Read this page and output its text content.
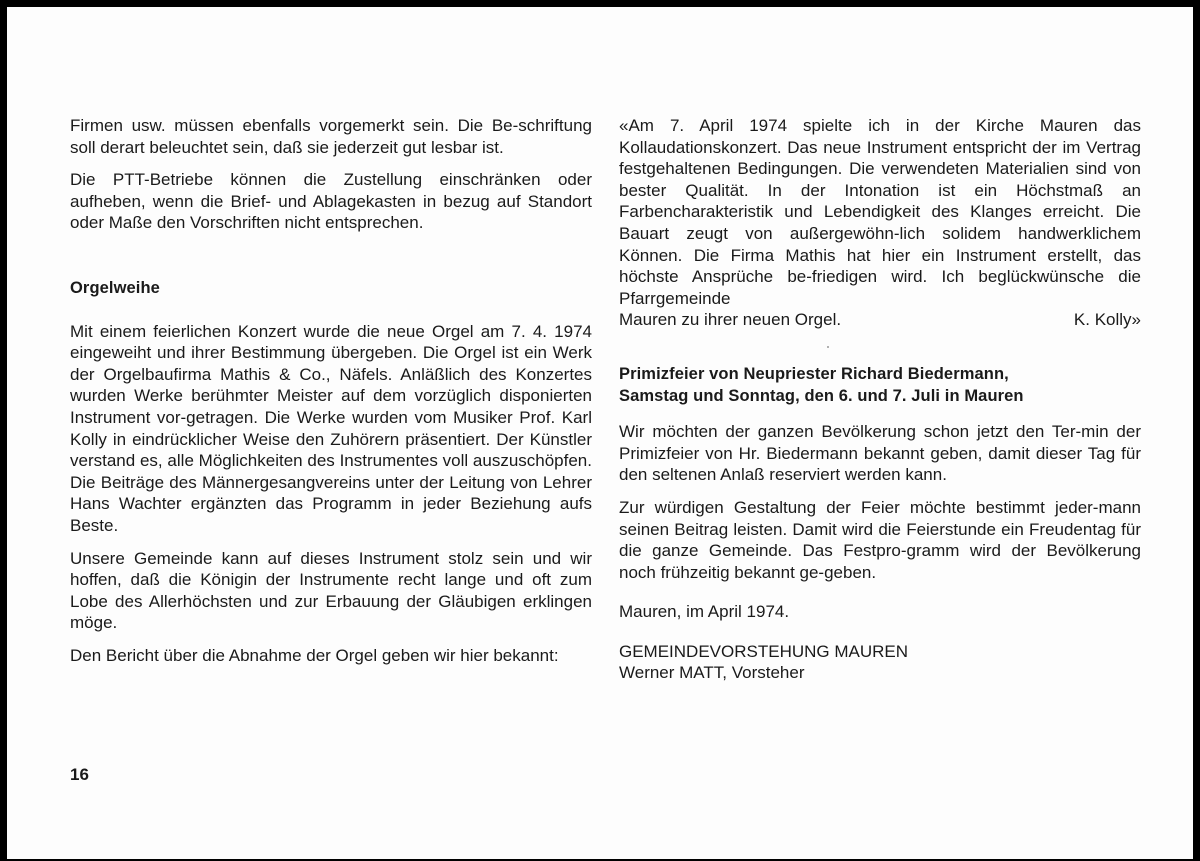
Firmen usw. müssen ebenfalls vorgemerkt sein. Die Be-schriftung soll derart beleuchtet sein, daß sie jederzeit gut lesbar ist.

Die PTT-Betriebe können die Zustellung einschränken oder aufheben, wenn die Brief- und Ablagekasten in bezug auf Standort oder Maße den Vorschriften nicht entsprechen.

Orgelweihe

Mit einem feierlichen Konzert wurde die neue Orgel am 7. 4. 1974 eingeweiht und ihrer Bestimmung übergeben. Die Orgel ist ein Werk der Orgelbaufirma Mathis & Co., Näfels. Anläßlich des Konzertes wurden Werke berühmter Meister auf dem vorzüglich disponierten Instrument vor-getragen. Die Werke wurden vom Musiker Prof. Karl Kolly in eindrücklicher Weise den Zuhörern präsentiert. Der Künstler verstand es, alle Möglichkeiten des Instrumentes voll auszuschöpfen. Die Beiträge des Männergesangvereins unter der Leitung von Lehrer Hans Wachter ergänzten das Programm in jeder Beziehung aufs Beste.

Unsere Gemeinde kann auf dieses Instrument stolz sein und wir hoffen, daß die Königin der Instrumente recht lange und oft zum Lobe des Allerhöchsten und zur Erbauung der Gläubigen erklingen möge.

Den Bericht über die Abnahme der Orgel geben wir hier bekannt:

«Am 7. April 1974 spielte ich in der Kirche Mauren das Kollaudationskonzert. Das neue Instrument entspricht der im Vertrag festgehaltenen Bedingungen. Die verwendeten Materialien sind von bester Qualität. In der Intonation ist ein Höchstmaß an Farbencharakteristik und Lebendigkeit des Klanges erreicht. Die Bauart zeugt von außergewöhn-lich solidem handwerklichem Können. Die Firma Mathis hat hier ein Instrument erstellt, das höchste Ansprüche be-friedigen wird. Ich beglückwünsche die Pfarrgemeinde

Mauren zu ihrer neuen Orgel.	K. Kolly»

Primizfeier von Neupriester Richard Biedermann,

Samstag und Sonntag, den 6. und 7. Juli in Mauren

Wir möchten der ganzen Bevölkerung schon jetzt den Ter-min der Primizfeier von Hr. Biedermann bekannt geben, damit dieser Tag für den seltenen Anlaß reserviert werden kann.

Zur würdigen Gestaltung der Feier möchte bestimmt jeder-mann seinen Beitrag leisten. Damit wird die Feierstunde ein Freudentag für die ganze Gemeinde. Das Festpro-gramm wird der Bevölkerung noch frühzeitig bekannt ge-geben.

Mauren, im April 1974.

GEMEINDEVORSTEHUNG MAUREN

Werner MATT, Vorsteher

16
